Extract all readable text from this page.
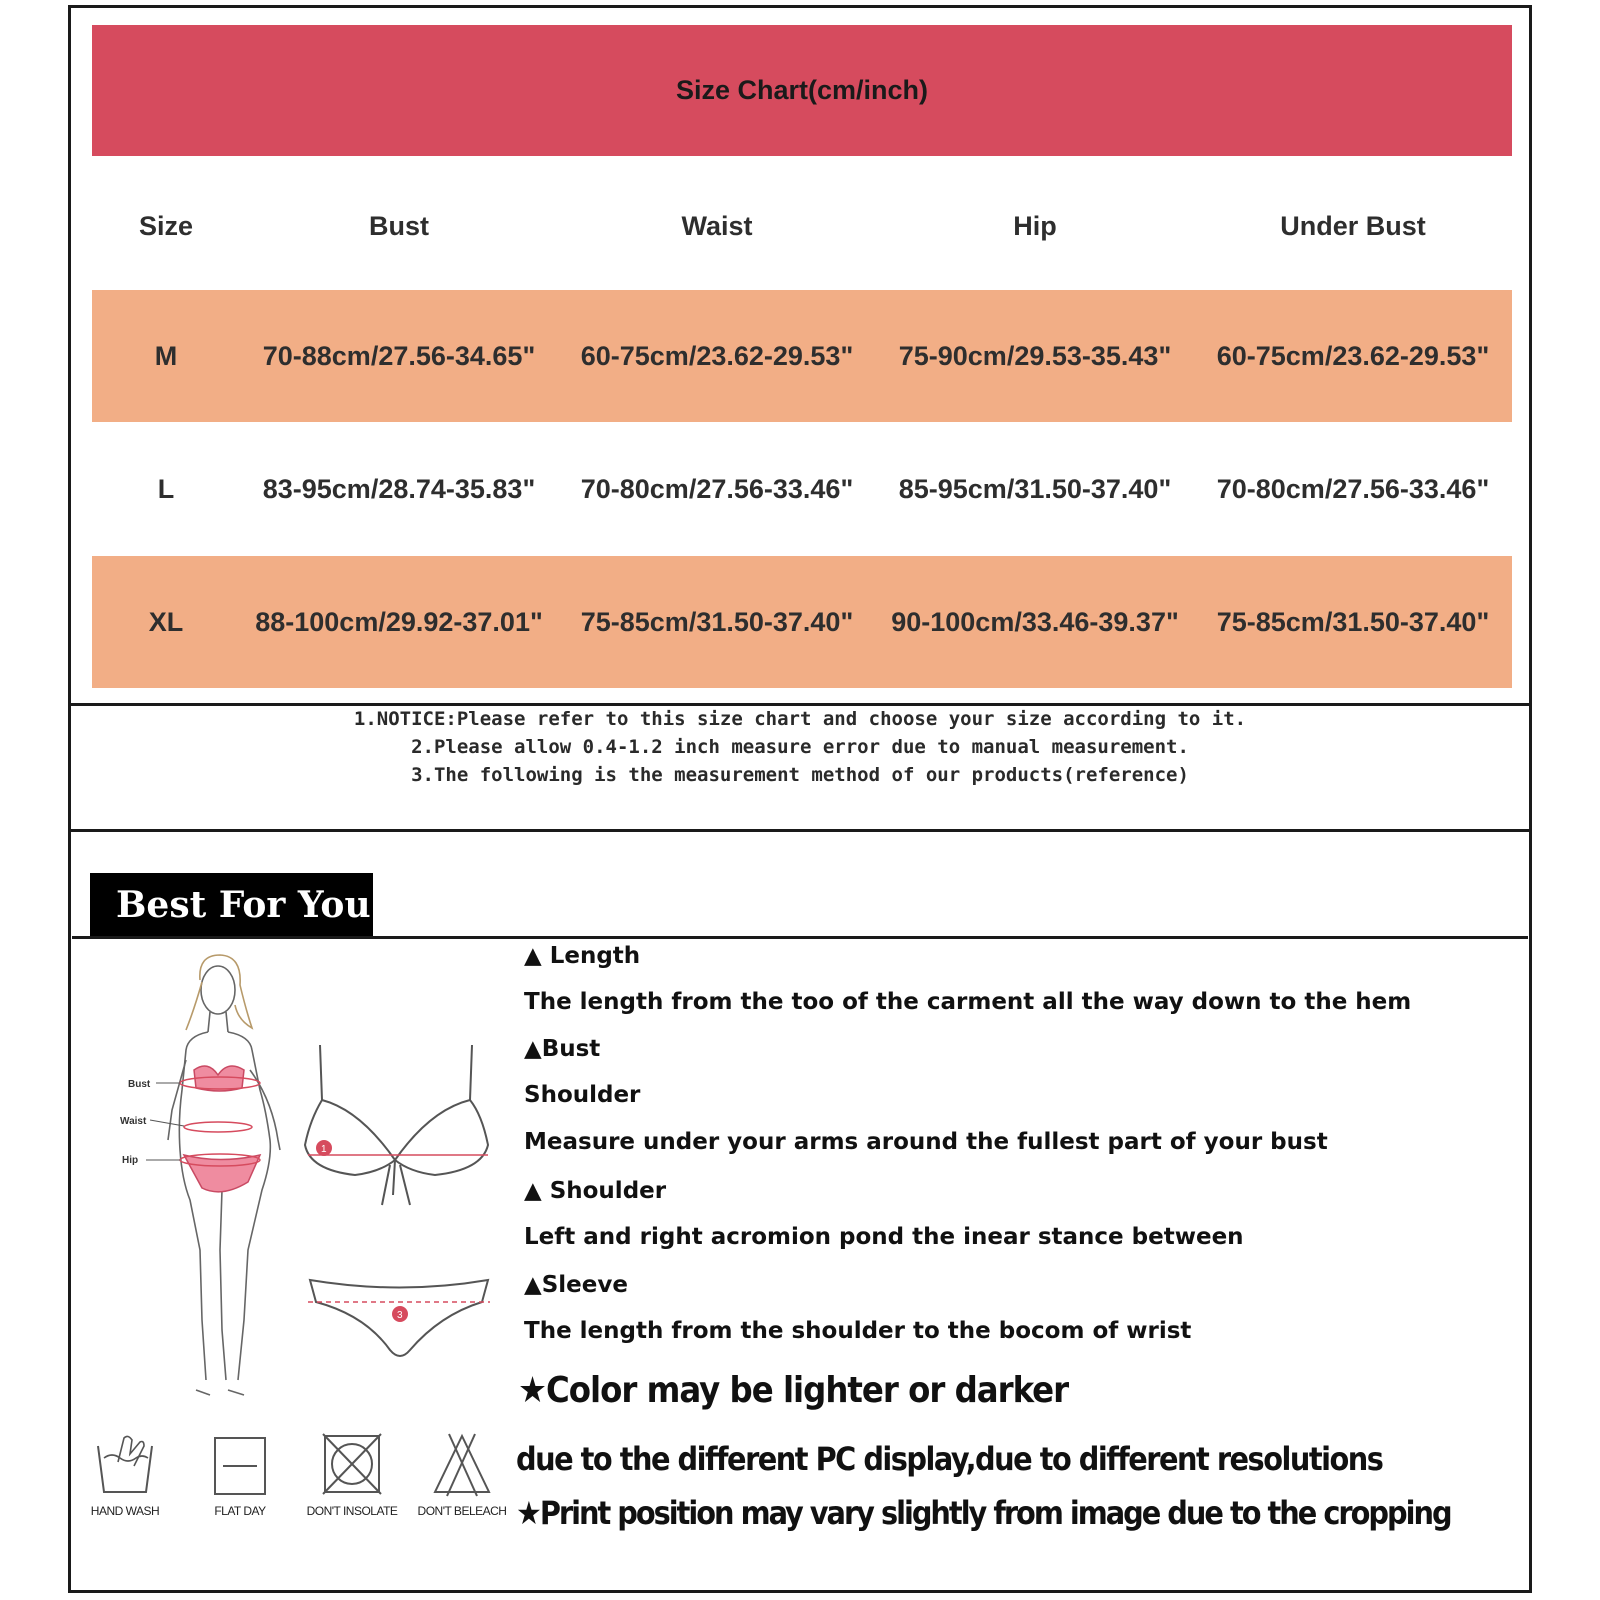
Size Chart(cm/inch)
Size	Bust	Waist	Hip	Under Bust
M	70-88cm/27.56-34.65"	60-75cm/23.62-29.53"	75-90cm/29.53-35.43"	60-75cm/23.62-29.53"
L	83-95cm/28.74-35.83"	70-80cm/27.56-33.46"	85-95cm/31.50-37.40"	70-80cm/27.56-33.46"
XL	88-100cm/29.92-37.01"	75-85cm/31.50-37.40"	90-100cm/33.46-39.37"	75-85cm/31.50-37.40"
1.NOTICE:Please refer to this size chart and choose your size according to it.
2.Please allow 0.4-1.2 inch measure error due to manual measurement.
3.The following is the measurement method of our products(reference)
Best For You
Bust
Waist
Hip
1
3
▲ Length
The length from the too of the carment all the way down to the hem
▲Bust
Shoulder
Measure under your arms around the fullest part of your bust
▲ Shoulder
Left and right acromion pond the inear stance between
▲Sleeve
The length from the shoulder to the bocom of wrist
★Color may be lighter or darker
due to the different PC display,due to different resolutions
★Print position may vary slightly from image due to the cropping
HAND WASH	FLAT DAY	DON'T INSOLATE	DON'T BELEACH
